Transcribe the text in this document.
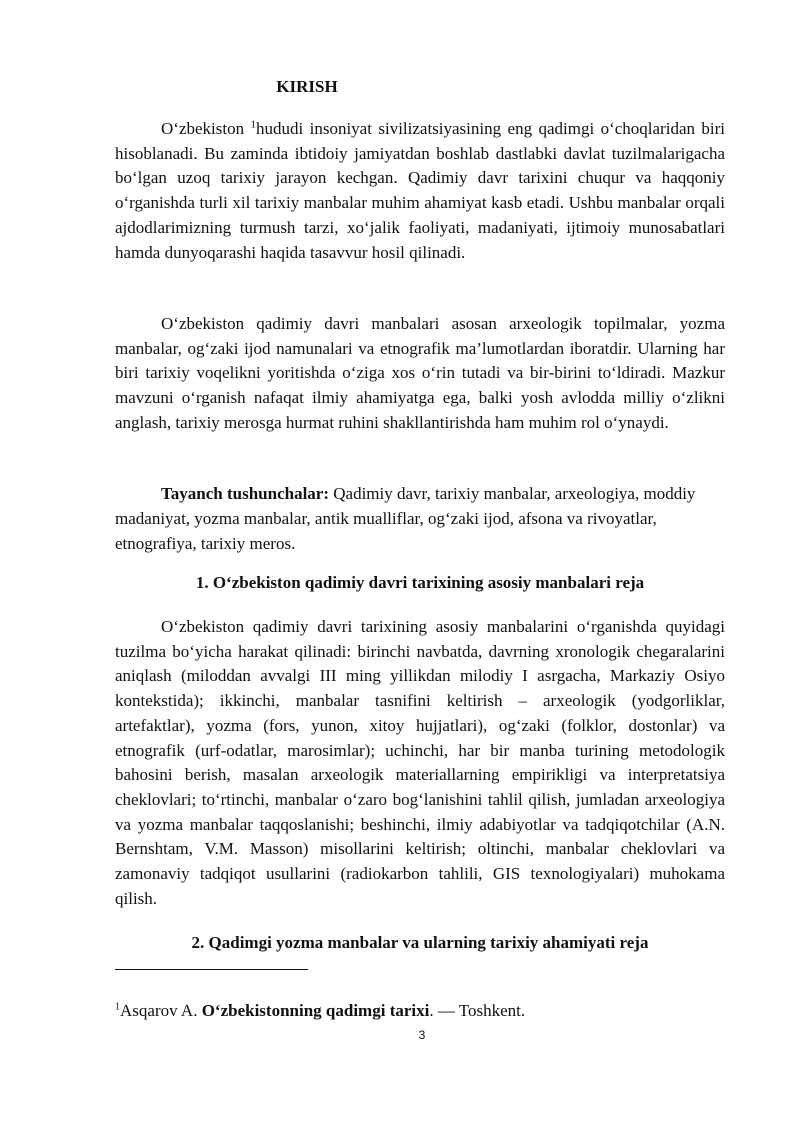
KIRISH

O‘zbekiston $^1$hududi insoniyat sivilizatsiyasining eng qadimgi o‘choqlaridan biri hisoblanadi. Bu zaminda ibtidoiy jamiyatdan boshlab dastlabki davlat tuzilmalarigacha bo‘lgan uzoq tarixiy jarayon kechgan. Qadimiy davr tarixini chuqur va haqqoniy o‘rganishda turli xil tarixiy manbalar muhim ahamiyat kasb etadi. Ushbu manbalar orqali ajdodlarimizning turmush tarzi, xo‘jalik faoliyati, madaniyati, ijtimoiy munosabatlari hamda dunyoqarashi haqida tasavvur hosil qilinadi.

O‘zbekiston qadimiy davri manbalari asosan arxeologik topilmalar, yozma manbalar, og‘zaki ijod namunalari va etnografik ma’lumotlardan iboratdir. Ularning har biri tarixiy voqelikni yoritishda o‘ziga xos o‘rin tutadi va bir-birini to‘ldiradi. Mazkur mavzuni o‘rganish nafaqat ilmiy ahamiyatga ega, balki yosh avlodda milliy o‘zlikni anglash, tarixiy merosga hurmat ruhini shakllantirishda ham muhim rol o‘ynaydi.

Tayanch tushunchalar: Qadimiy davr, tarixiy manbalar, arxeologiya, moddiy madaniyat, yozma manbalar, antik mualliflar, og‘zaki ijod, afsona va rivoyatlar, etnografiya, tarixiy meros.

1. O‘zbekiston qadimiy davri tarixining asosiy manbalari reja

O‘zbekiston qadimiy davri tarixining asosiy manbalarini o‘rganishda quyidagi tuzilma bo‘yicha harakat qilinadi: birinchi navbatda, davrning xronologik chegaralarini aniqlash (miloddan avvalgi III ming yillikdan milodiy I asrgacha, Markaziy Osiyo kontekstida); ikkinchi, manbalar tasnifini keltirish – arxeologik (yodgorliklar, artefaktlar), yozma (fors, yunon, xitoy hujjatlari), og‘zaki (folklor, dostonlar) va etnografik (urf-odatlar, marosimlar); uchinchi, har bir manba turining metodologik bahosini berish, masalan arxeologik materiallarning empirikligi va interpretatsiya cheklovlari; to‘rtinchi, manbalar o‘zaro bog‘lanishini tahlil qilish, jumladan arxeologiya va yozma manbalar taqqoslanishi; beshinchi, ilmiy adabiyotlar va tadqiqotchilar (A.N. Bernshtam, V.M. Masson) misollarini keltirish; oltinchi, manbalar cheklovlari va zamonaviy tadqiqot usullarini (radiokarbon tahlili, GIS texnologiyalari) muhokama qilish.

2. Qadimgi yozma manbalar va ularning tarixiy ahamiyati reja

$^1$Asqarov A. O‘zbekistonning qadimgi tarixi. — Toshkent.
3
